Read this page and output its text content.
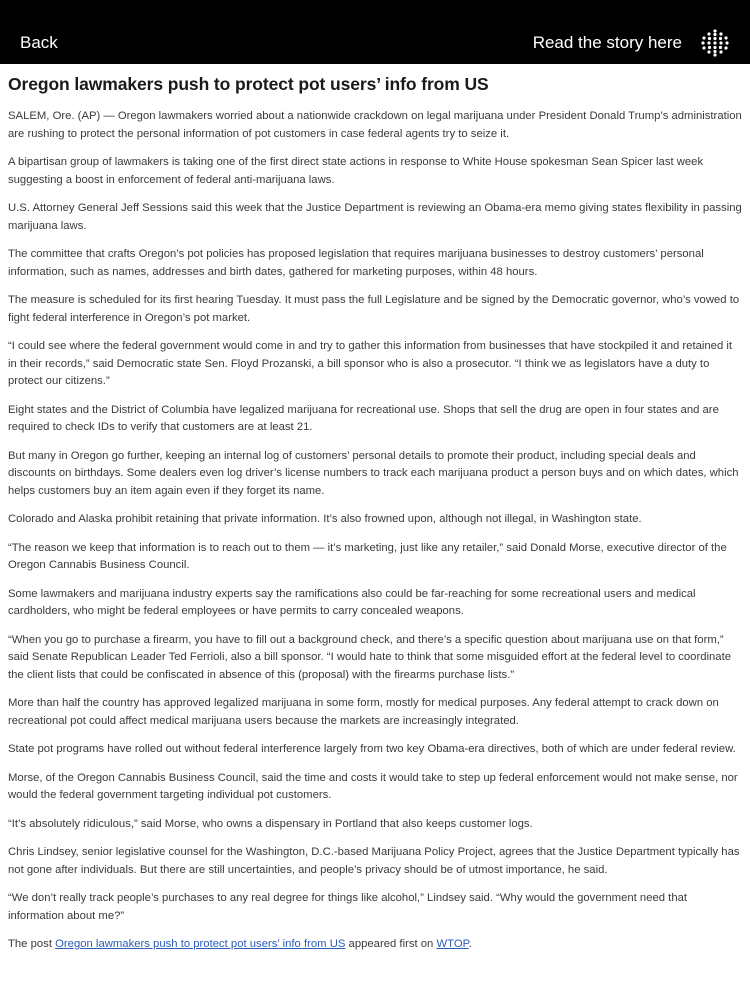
Back	Read the story here
Oregon lawmakers push to protect pot users’ info from US

SALEM, Ore. (AP) — Oregon lawmakers worried about a nationwide crackdown on legal marijuana under President Donald Trump’s administration are rushing to protect the personal information of pot customers in case federal agents try to seize it.

A bipartisan group of lawmakers is taking one of the first direct state actions in response to White House spokesman Sean Spicer last week suggesting a boost in enforcement of federal anti-marijuana laws.

U.S. Attorney General Jeff Sessions said this week that the Justice Department is reviewing an Obama-era memo giving states flexibility in passing marijuana laws.

The committee that crafts Oregon’s pot policies has proposed legislation that requires marijuana businesses to destroy customers’ personal information, such as names, addresses and birth dates, gathered for marketing purposes, within 48 hours.

The measure is scheduled for its first hearing Tuesday. It must pass the full Legislature and be signed by the Democratic governor, who’s vowed to fight federal interference in Oregon’s pot market.

“I could see where the federal government would come in and try to gather this information from businesses that have stockpiled it and retained it in their records,” said Democratic state Sen. Floyd Prozanski, a bill sponsor who is also a prosecutor. “I think we as legislators have a duty to protect our citizens.”

Eight states and the District of Columbia have legalized marijuana for recreational use. Shops that sell the drug are open in four states and are required to check IDs to verify that customers are at least 21.

But many in Oregon go further, keeping an internal log of customers’ personal details to promote their product, including special deals and discounts on birthdays. Some dealers even log driver’s license numbers to track each marijuana product a person buys and on which dates, which helps customers buy an item again even if they forget its name.

Colorado and Alaska prohibit retaining that private information. It’s also frowned upon, although not illegal, in Washington state.

“The reason we keep that information is to reach out to them — it’s marketing, just like any retailer,” said Donald Morse, executive director of the Oregon Cannabis Business Council.

Some lawmakers and marijuana industry experts say the ramifications also could be far-reaching for some recreational users and medical cardholders, who might be federal employees or have permits to carry concealed weapons.

“When you go to purchase a firearm, you have to fill out a background check, and there’s a specific question about marijuana use on that form,” said Senate Republican Leader Ted Ferrioli, also a bill sponsor. “I would hate to think that some misguided effort at the federal level to coordinate the client lists that could be confiscated in absence of this (proposal) with the firearms purchase lists.”

More than half the country has approved legalized marijuana in some form, mostly for medical purposes. Any federal attempt to crack down on recreational pot could affect medical marijuana users because the markets are increasingly integrated.

State pot programs have rolled out without federal interference largely from two key Obama-era directives, both of which are under federal review.

Morse, of the Oregon Cannabis Business Council, said the time and costs it would take to step up federal enforcement would not make sense, nor would the federal government targeting individual pot customers.

“It’s absolutely ridiculous,” said Morse, who owns a dispensary in Portland that also keeps customer logs.

Chris Lindsey, senior legislative counsel for the Washington, D.C.-based Marijuana Policy Project, agrees that the Justice Department typically has not gone after individuals. But there are still uncertainties, and people’s privacy should be of utmost importance, he said.

“We don’t really track people’s purchases to any real degree for things like alcohol,” Lindsey said. “Why would the government need that information about me?”

The post Oregon lawmakers push to protect pot users’ info from US appeared first on WTOP.
